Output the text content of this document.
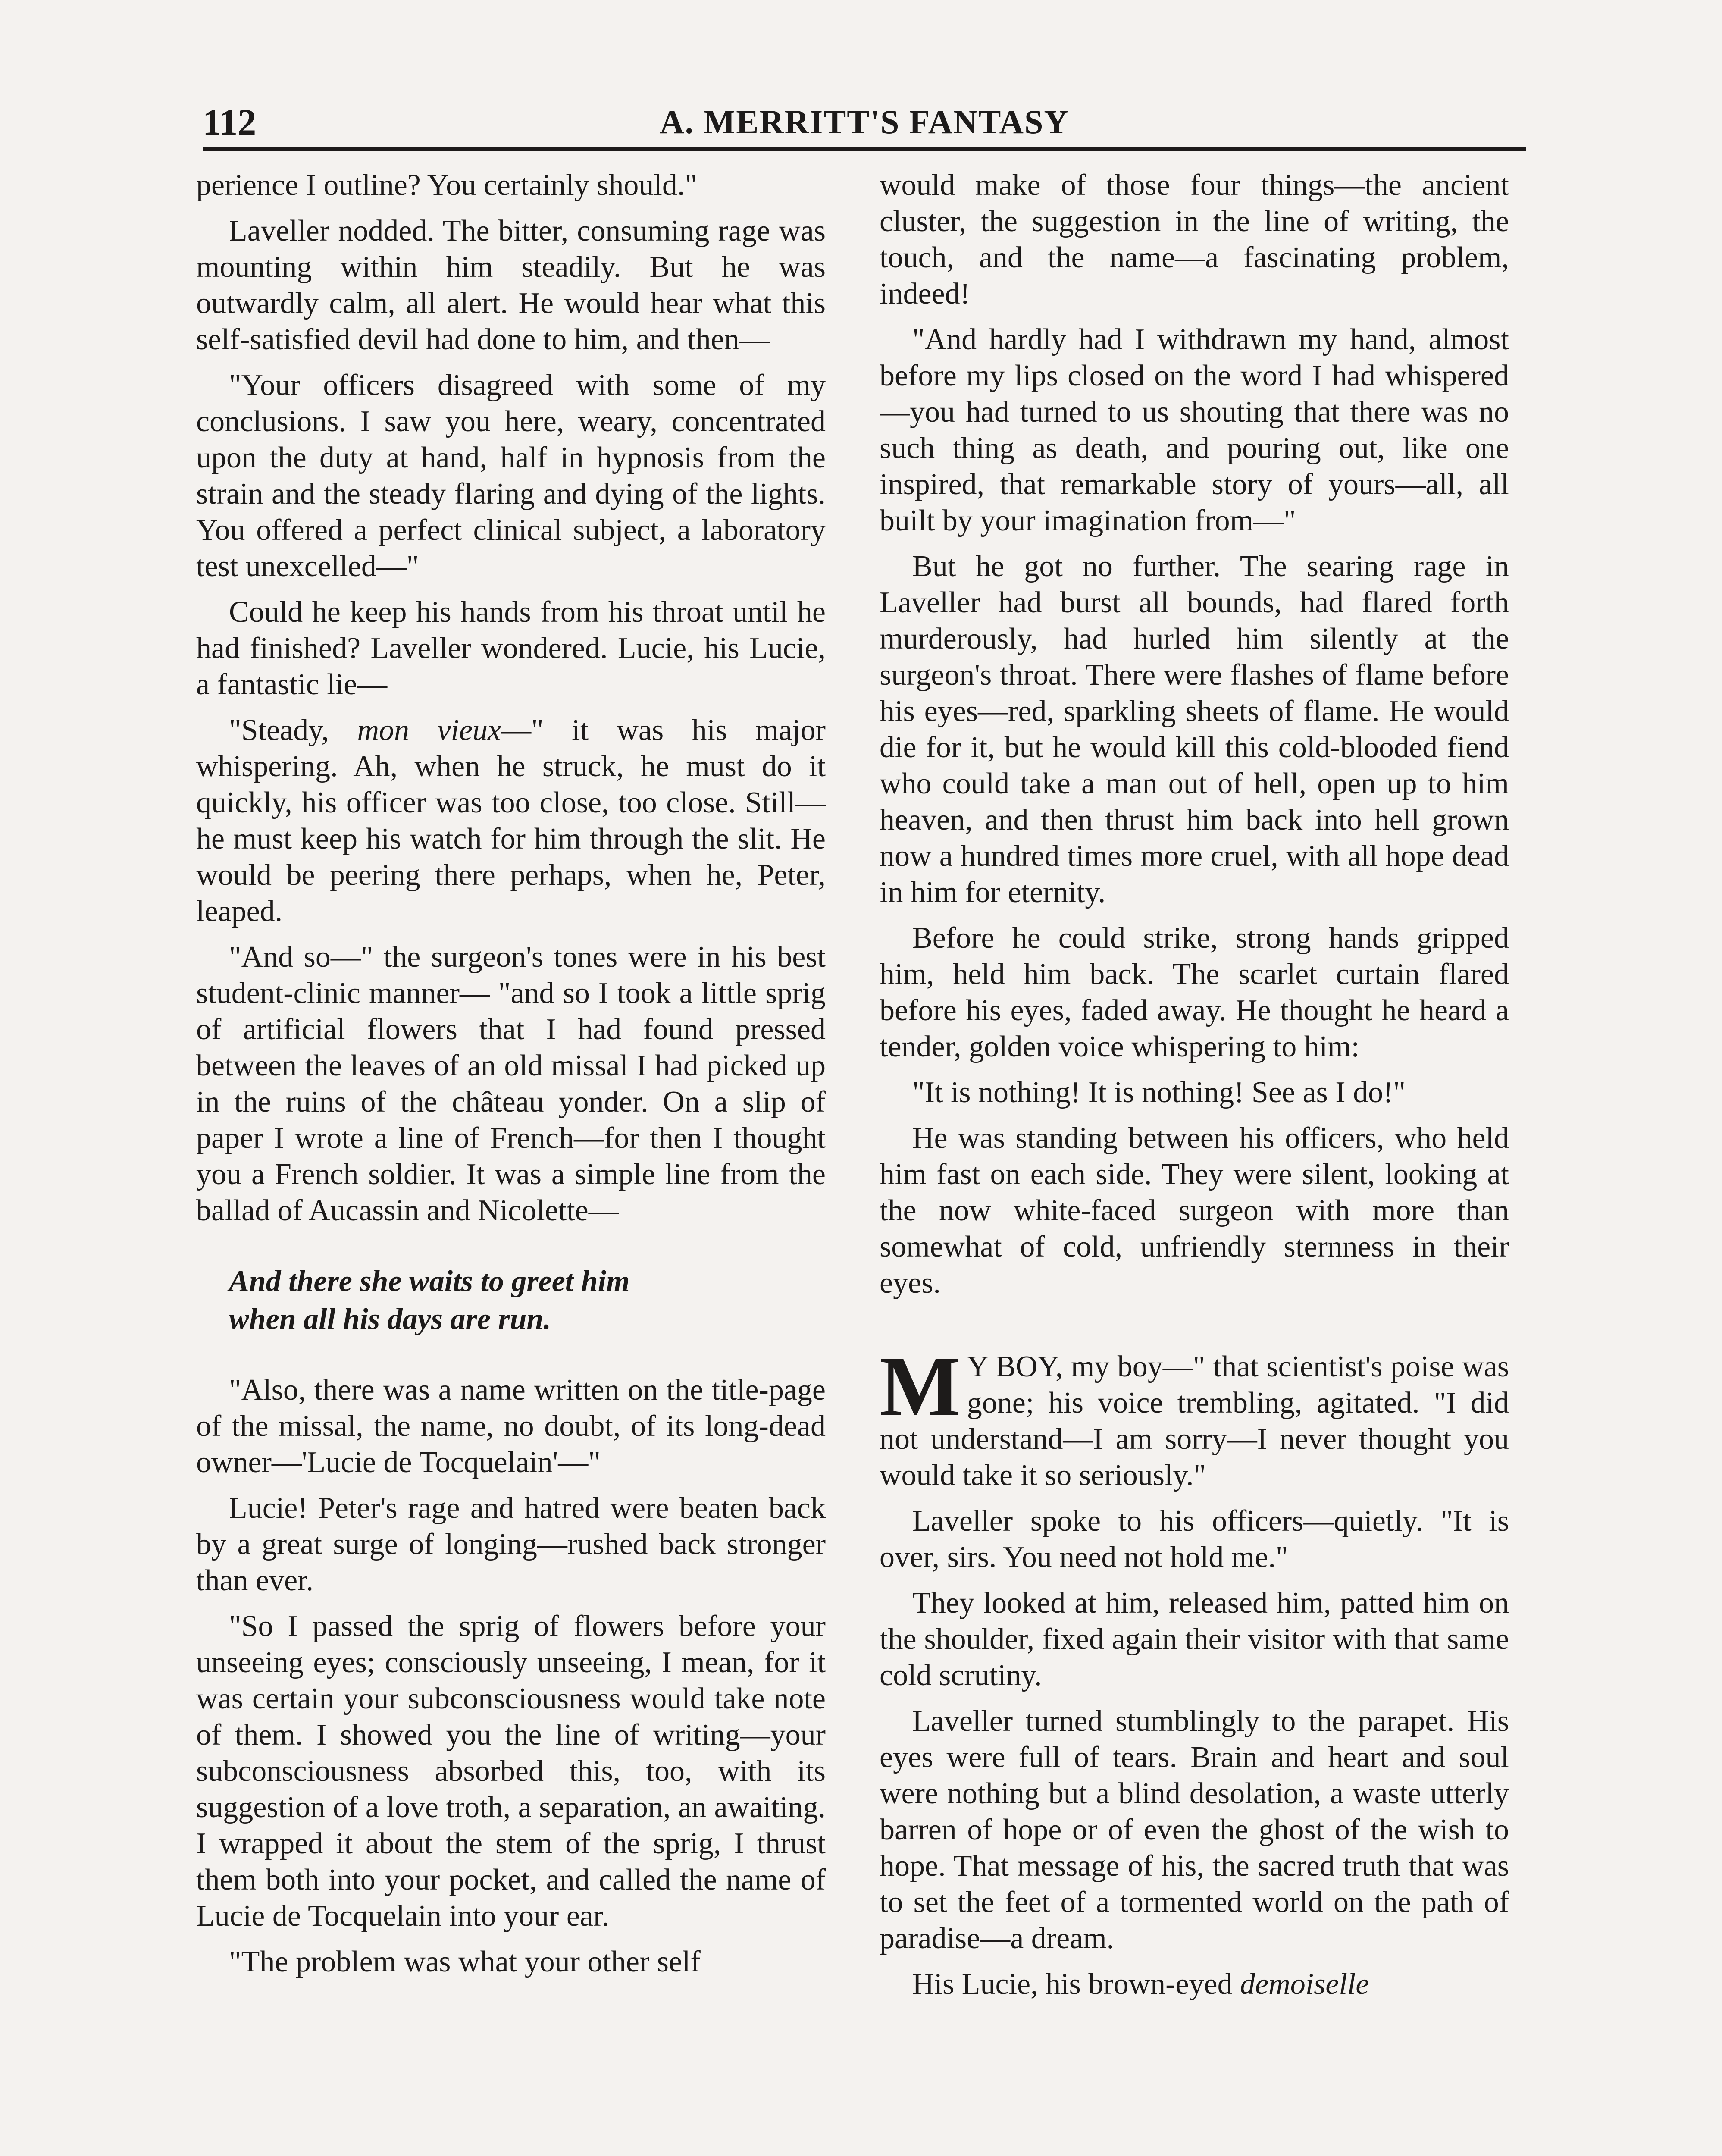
112	A. MERRITT'S FANTASY

perience I outline? You certainly should."

Laveller nodded. The bitter, consuming rage was mounting within him steadily. But he was outwardly calm, all alert. He would hear what this self-satisfied devil had done to him, and then—

"Your officers disagreed with some of my conclusions. I saw you here, weary, concentrated upon the duty at hand, half in hypnosis from the strain and the steady flaring and dying of the lights. You offered a perfect clinical subject, a laboratory test unexcelled—"

Could he keep his hands from his throat until he had finished? Laveller wondered. Lucie, his Lucie, a fantastic lie—

"Steady, mon vieux—" it was his major whispering. Ah, when he struck, he must do it quickly, his officer was too close, too close. Still—he must keep his watch for him through the slit. He would be peering there perhaps, when he, Peter, leaped.

"And so—" the surgeon's tones were in his best student-clinic manner— "and so I took a little sprig of artificial flowers that I had found pressed between the leaves of an old missal I had picked up in the ruins of the château yonder. On a slip of paper I wrote a line of French—for then I thought you a French soldier. It was a simple line from the ballad of Aucassin and Nicolette—

And there she waits to greet him
when all his days are run.

"Also, there was a name written on the title-page of the missal, the name, no doubt, of its long-dead owner—'Lucie de Tocquelain'—"

Lucie! Peter's rage and hatred were beaten back by a great surge of longing—rushed back stronger than ever.

"So I passed the sprig of flowers before your unseeing eyes; consciously unseeing, I mean, for it was certain your subconsciousness would take note of them. I showed you the line of writing—your subconsciousness absorbed this, too, with its suggestion of a love troth, a separation, an awaiting. I wrapped it about the stem of the sprig, I thrust them both into your pocket, and called the name of Lucie de Tocquelain into your ear.

"The problem was what your other self

would make of those four things—the ancient cluster, the suggestion in the line of writing, the touch, and the name—a fascinating problem, indeed!

"And hardly had I withdrawn my hand, almost before my lips closed on the word I had whispered—you had turned to us shouting that there was no such thing as death, and pouring out, like one inspired, that remarkable story of yours—all, all built by your imagination from—"

But he got no further. The searing rage in Laveller had burst all bounds, had flared forth murderously, had hurled him silently at the surgeon's throat. There were flashes of flame before his eyes—red, sparkling sheets of flame. He would die for it, but he would kill this cold-blooded fiend who could take a man out of hell, open up to him heaven, and then thrust him back into hell grown now a hundred times more cruel, with all hope dead in him for eternity.

Before he could strike, strong hands gripped him, held him back. The scarlet curtain flared before his eyes, faded away. He thought he heard a tender, golden voice whispering to him:

"It is nothing! It is nothing! See as I do!"

He was standing between his officers, who held him fast on each side. They were silent, looking at the now white-faced surgeon with more than somewhat of cold, unfriendly sternness in their eyes.

M Y BOY, my boy—" that scientist's poise was gone; his voice trembling, agitated. "I did not understand—I am sorry—I never thought you would take it so seriously."

Laveller spoke to his officers—quietly. "It is over, sirs. You need not hold me."

They looked at him, released him, patted him on the shoulder, fixed again their visitor with that same cold scrutiny.

Laveller turned stumblingly to the parapet. His eyes were full of tears. Brain and heart and soul were nothing but a blind desolation, a waste utterly barren of hope or of even the ghost of the wish to hope. That message of his, the sacred truth that was to set the feet of a tormented world on the path of paradise—a dream.

His Lucie, his brown-eyed demoiselle
